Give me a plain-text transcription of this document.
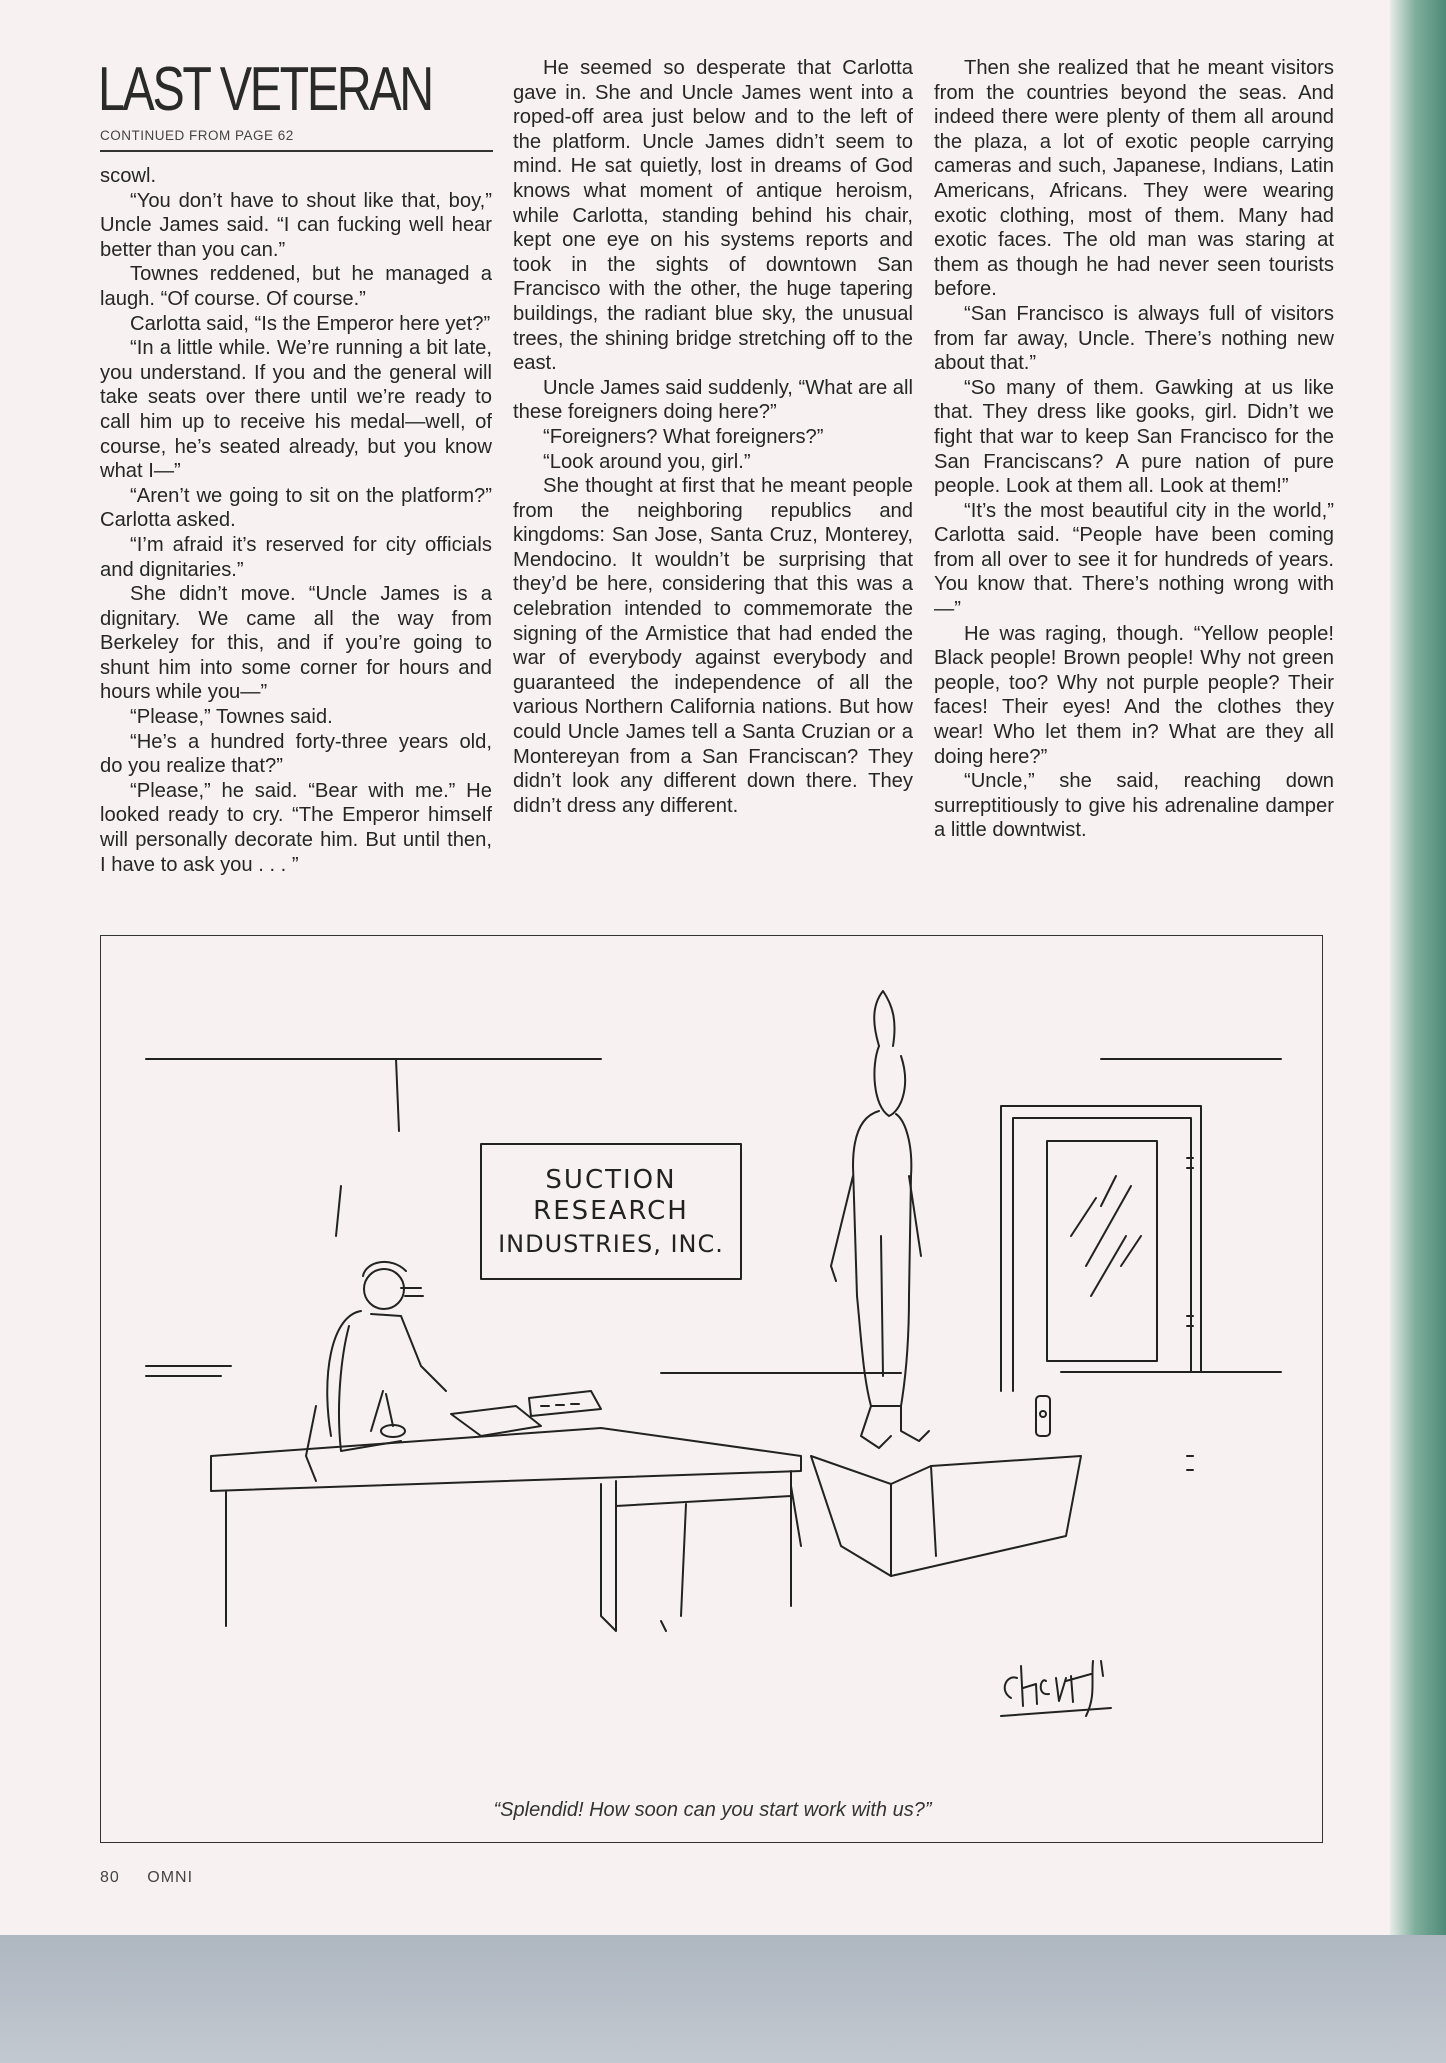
LAST VETERAN
CONTINUED FROM PAGE 62

scowl.

“You don’t have to shout like that, boy,” Uncle James said. “I can fucking well hear better than you can.”

Townes reddened, but he managed a laugh. “Of course. Of course.”

Carlotta said, “Is the Emperor here yet?”

“In a little while. We’re running a bit late, you understand. If you and the general will take seats over there until we’re ready to call him up to receive his medal—well, of course, he’s seated already, but you know what I—”

“Aren’t we going to sit on the platform?” Carlotta asked.

“I’m afraid it’s reserved for city officials and dignitaries.”

She didn’t move. “Uncle James is a dignitary. We came all the way from Berkeley for this, and if you’re going to shunt him into some corner for hours and hours while you—”

“Please,” Townes said.

“He’s a hundred forty-three years old, do you realize that?”

“Please,” he said. “Bear with me.” He looked ready to cry. “The Emperor himself will personally decorate him. But until then, I have to ask you . . . ”

He seemed so desperate that Carlotta gave in. She and Uncle James went into a roped-off area just below and to the left of the platform. Uncle James didn’t seem to mind. He sat quietly, lost in dreams of God knows what moment of antique heroism, while Carlotta, standing behind his chair, kept one eye on his systems reports and took in the sights of downtown San Francisco with the other, the huge tapering buildings, the radiant blue sky, the unusual trees, the shining bridge stretching off to the east.

Uncle James said suddenly, “What are all these foreigners doing here?”

“Foreigners? What foreigners?”

“Look around you, girl.”

She thought at first that he meant people from the neighboring republics and kingdoms: San Jose, Santa Cruz, Monterey, Mendocino. It wouldn’t be surprising that they’d be here, considering that this was a celebration intended to commemorate the signing of the Armistice that had ended the war of everybody against everybody and guaranteed the independence of all the various Northern California nations. But how could Uncle James tell a Santa Cruzian or a Montereyan from a San Franciscan? They didn’t look any different down there. They didn’t dress any different.

Then she realized that he meant visitors from the countries beyond the seas. And indeed there were plenty of them all around the plaza, a lot of exotic people carrying cameras and such, Japanese, Indians, Latin Americans, Africans. They were wearing exotic clothing, most of them. Many had exotic faces. The old man was staring at them as though he had never seen tourists before.

“San Francisco is always full of visitors from far away, Uncle. There’s nothing new about that.”

“So many of them. Gawking at us like that. They dress like gooks, girl. Didn’t we fight that war to keep San Francisco for the San Franciscans? A pure nation of pure people. Look at them all. Look at them!”

“It’s the most beautiful city in the world,” Carlotta said. “People have been coming from all over to see it for hundreds of years. You know that. There’s nothing wrong with—”

He was raging, though. “Yellow people! Black people! Brown people! Why not green people, too? Why not purple people? Their faces! Their eyes! And the clothes they wear! Who let them in? What are they all doing here?”

“Uncle,” she said, reaching down surreptitiously to give his adrenaline damper a little downtwist.

SUCTION
RESEARCH
INDUSTRIES, INC.
“Splendid! How soon can you start work with us?”
80 OMNI
